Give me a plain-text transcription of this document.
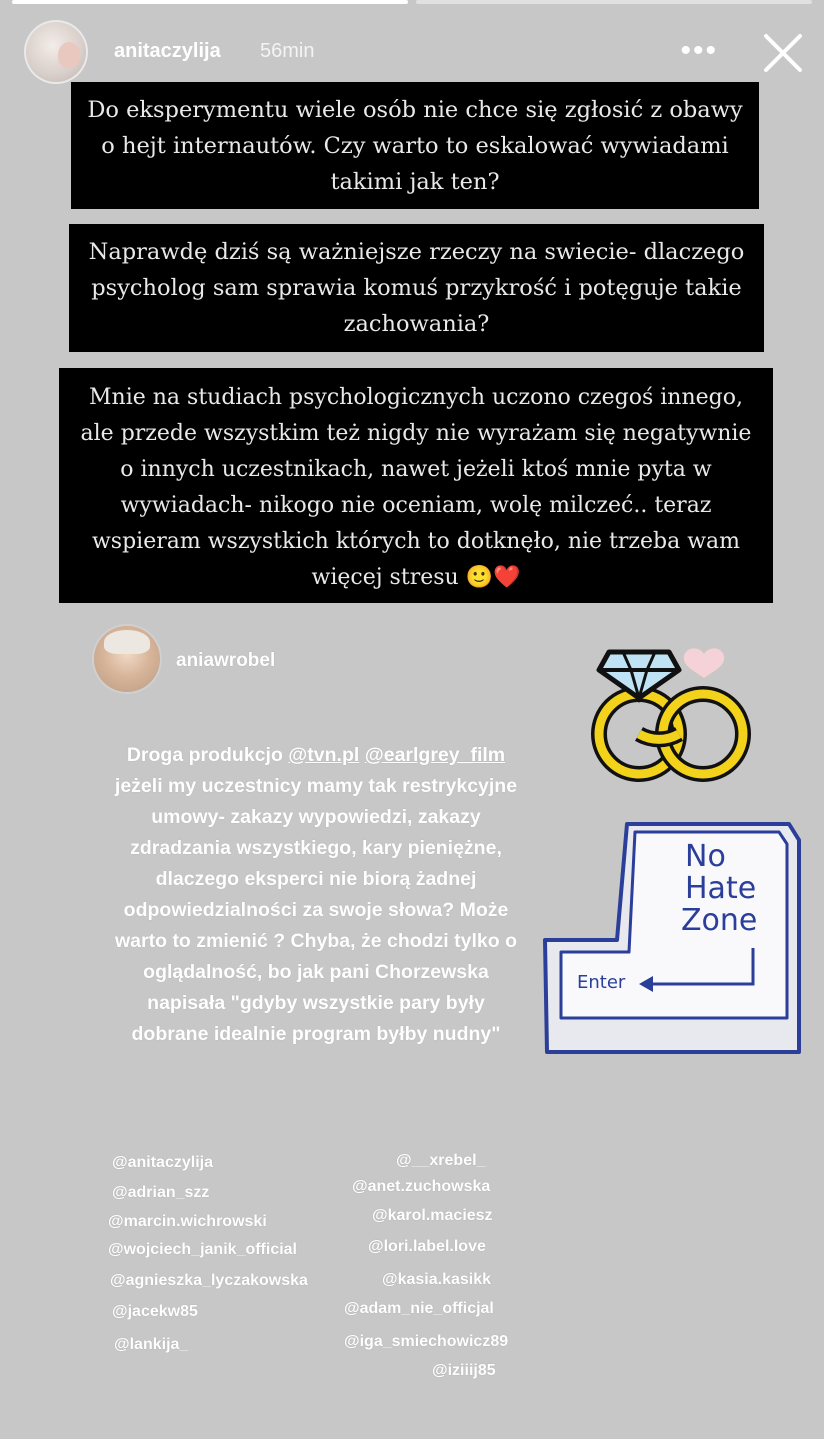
anitaczylija 56min	•••
Do eksperymentu wiele osób nie chce się zgłosić z obawy o hejt internautów. Czy warto to eskalować wywiadami takimi jak ten?
Naprawdę dziś są ważniejsze rzeczy na swiecie- dlaczego psycholog sam sprawia komuś przykrość i potęguje takie zachowania?
Mnie na studiach psychologicznych uczono czegoś innego, ale przede wszystkim też nigdy nie wyrażam się negatywnie o innych uczestnikach, nawet jeżeli ktoś mnie pyta w wywiadach- nikogo nie oceniam, wolę milczeć.. teraz wspieram wszystkich których to dotknęło, nie trzeba wam więcej stresu 🙂❤️
aniawrobel
Droga produkcjo @tvn.pl @earlgrey_film jeżeli my uczestnicy mamy tak restrykcyjne umowy- zakazy wypowiedzi, zakazy zdradzania wszystkiego, kary pieniężne, dlaczego eksperci nie biorą żadnej odpowiedzialności za swoje słowa? Może warto to zmienić ? Chyba, że chodzi tylko o oglądalność, bo jak pani Chorzewska napisała "gdyby wszystkie pary były dobrane idealnie program byłby nudny"
No
Hate
Zone
Enter
@anitaczylija
@adrian_szz
@marcin.wichrowski
@wojciech_janik_official
@agnieszka_lyczakowska
@jacekw85
@lankija_
@__xrebel_
@anet.zuchowska
@karol.maciesz
@lori.label.love
@kasia.kasikk
@adam_nie_officjal
@iga_smiechowicz89
@iziiij85
